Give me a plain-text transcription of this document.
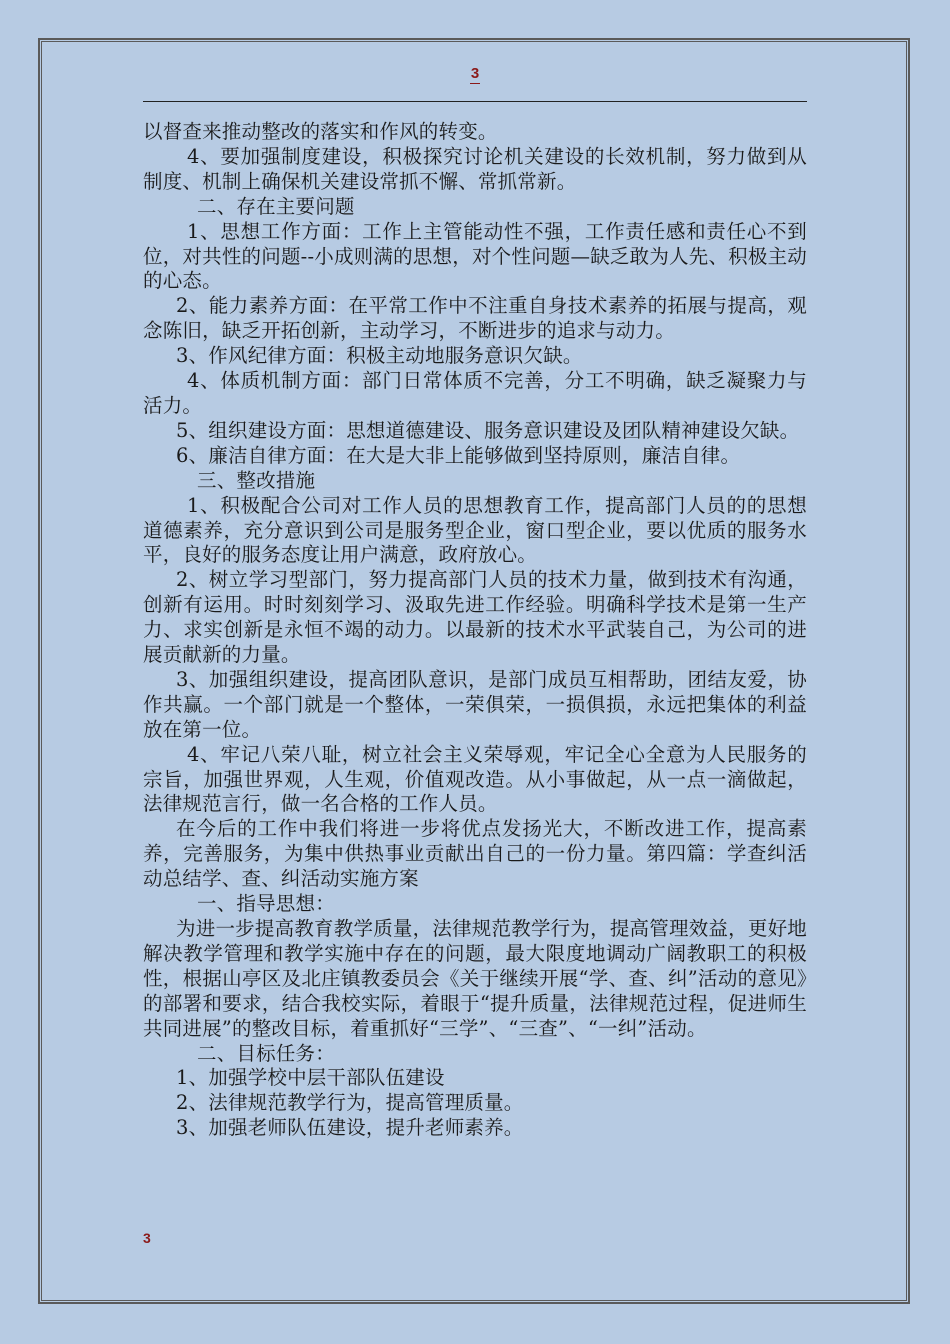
3

以督查来推动整改的落实和作风的转变。

4、要加强制度建设，积极探究讨论机关建设的长效机制，努力做到从制度、机制上确保机关建设常抓不懈、常抓常新。

二、存在主要问题

1、思想工作方面：工作上主管能动性不强，工作责任感和责任心不到位，对共性的问题--小成则满的思想，对个性问题—缺乏敢为人先、积极主动的心态。

2、能力素养方面：在平常工作中不注重自身技术素养的拓展与提高，观念陈旧，缺乏开拓创新，主动学习，不断进步的追求与动力。

3、作风纪律方面：积极主动地服务意识欠缺。

4、体质机制方面：部门日常体质不完善，分工不明确，缺乏凝聚力与活力。

5、组织建设方面：思想道德建设、服务意识建设及团队精神建设欠缺。

6、廉洁自律方面：在大是大非上能够做到坚持原则，廉洁自律。

三、整改措施

1、积极配合公司对工作人员的思想教育工作，提高部门人员的的思想道德素养，充分意识到公司是服务型企业，窗口型企业，要以优质的服务水平，良好的服务态度让用户满意，政府放心。

2、树立学习型部门，努力提高部门人员的技术力量，做到技术有沟通，创新有运用。时时刻刻学习、汲取先进工作经验。明确科学技术是第一生产力、求实创新是永恒不竭的动力。以最新的技术水平武装自己，为公司的进展贡献新的力量。

3、加强组织建设，提高团队意识，是部门成员互相帮助，团结友爱，协作共赢。一个部门就是一个整体，一荣俱荣，一损俱损，永远把集体的利益放在第一位。

4、牢记八荣八耻，树立社会主义荣辱观，牢记全心全意为人民服务的宗旨，加强世界观，人生观，价值观改造。从小事做起，从一点一滴做起，法律规范言行，做一名合格的工作人员。

在今后的工作中我们将进一步将优点发扬光大，不断改进工作，提高素养，完善服务，为集中供热事业贡献出自己的一份力量。第四篇：学查纠活动总结学、查、纠活动实施方案

一、指导思想：

为进一步提高教育教学质量，法律规范教学行为，提高管理效益，更好地解决教学管理和教学实施中存在的问题，最大限度地调动广阔教职工的积极性，根据山亭区及北庄镇教委员会《关于继续开展“学、查、纠”活动的意见》的部署和要求，结合我校实际，着眼于“提升质量，法律规范过程，促进师生共同进展”的整改目标，着重抓好“三学”、“三查”、“一纠”活动。

二、目标任务：

1、加强学校中层干部队伍建设

2、法律规范教学行为，提高管理质量。

3、加强老师队伍建设，提升老师素养。

3
